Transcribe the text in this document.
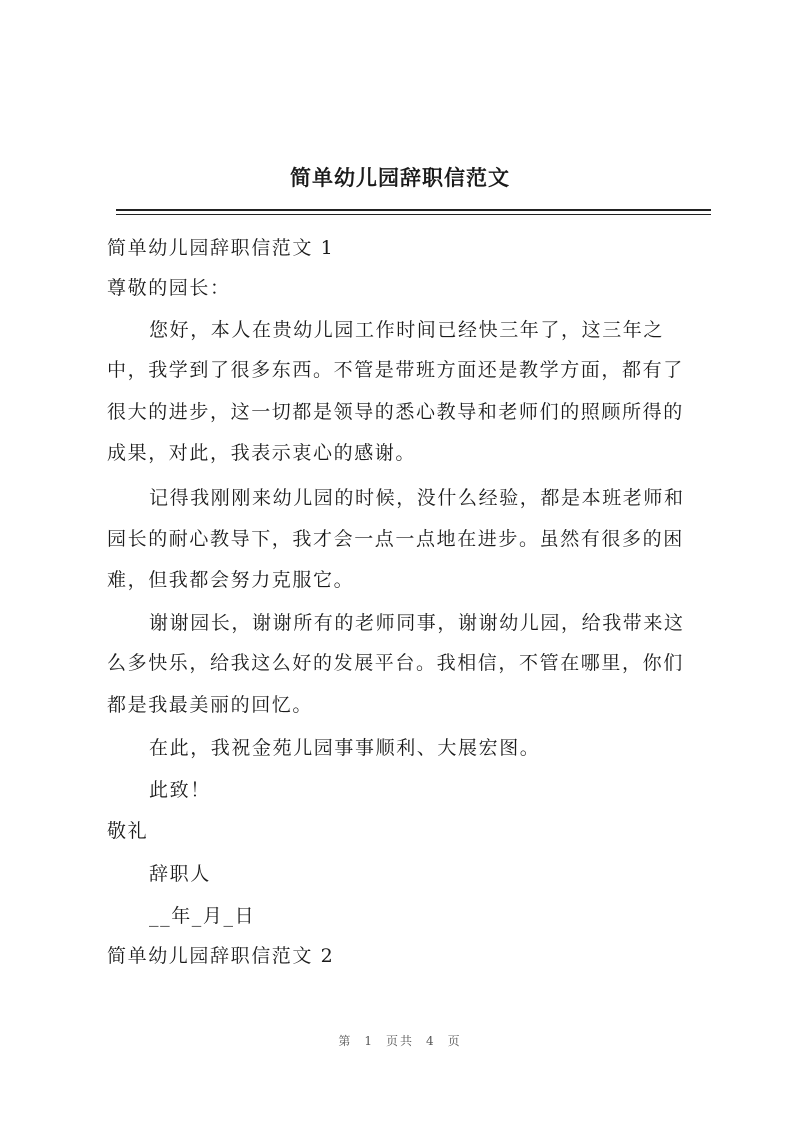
简单幼儿园辞职信范文
简单幼儿园辞职信范文 1
尊敬的园长：
您好，本人在贵幼儿园工作时间已经快三年了，这三年之
中，我学到了很多东西。不管是带班方面还是教学方面，都有了
很大的进步，这一切都是领导的悉心教导和老师们的照顾所得的
成果，对此，我表示衷心的感谢。
记得我刚刚来幼儿园的时候，没什么经验，都是本班老师和
园长的耐心教导下，我才会一点一点地在进步。虽然有很多的困
难，但我都会努力克服它。
谢谢园长，谢谢所有的老师同事，谢谢幼儿园，给我带来这
么多快乐，给我这么好的发展平台。我相信，不管在哪里，你们
都是我最美丽的回忆。
在此，我祝金苑儿园事事顺利、大展宏图。
此致！
敬礼
辞职人
__年_月_日
简单幼儿园辞职信范文 2
第 1 页共 4 页
